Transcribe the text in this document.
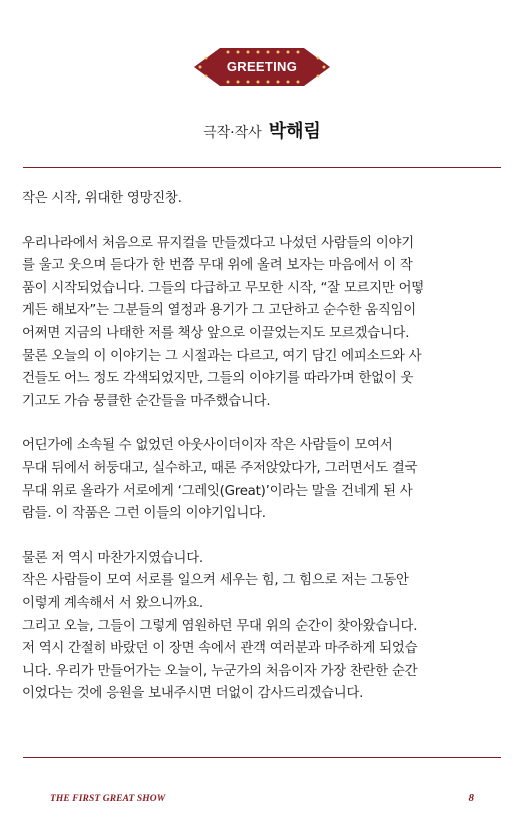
GREETING
극작·작사 박해림
작은 시작, 위대한 영망진창.
우리나라에서 처음으로 뮤지컬을 만들겠다고 나섰던 사람들의 이야기
를 울고 웃으며 듣다가 한 번쯤 무대 위에 올려 보자는 마음에서 이 작
품이 시작되었습니다. 그들의 다급하고 무모한 시작, “잘 모르지만 어떻
게든 해보자”는 그분들의 열정과 용기가 그 고단하고 순수한 움직임이
어쩌면 지금의 나태한 저를 책상 앞으로 이끌었는지도 모르겠습니다.
물론 오늘의 이 이야기는 그 시절과는 다르고, 여기 담긴 에피소드와 사
건들도 어느 정도 각색되었지만, 그들의 이야기를 따라가며 한없이 웃
기고도 가슴 뭉클한 순간들을 마주했습니다.
어딘가에 소속될 수 없었던 아웃사이더이자 작은 사람들이 모여서
무대 뒤에서 허둥대고, 실수하고, 때론 주저앉았다가, 그러면서도 결국
무대 위로 올라가 서로에게 ‘그레잇(Great)’이라는 말을 건네게 된 사
람들. 이 작품은 그런 이들의 이야기입니다.
물론 저 역시 마찬가지였습니다.
작은 사람들이 모여 서로를 일으켜 세우는 힘, 그 힘으로 저는 그동안
이렇게 계속해서 서 왔으니까요.
그리고 오늘, 그들이 그렇게 염원하던 무대 위의 순간이 찾아왔습니다.
저 역시 간절히 바랐던 이 장면 속에서 관객 여러분과 마주하게 되었습
니다. 우리가 만들어가는 오늘이, 누군가의 처음이자 가장 찬란한 순간
이었다는 것에 응원을 보내주시면 더없이 감사드리겠습니다.
THE FIRST GREAT SHOW	8
